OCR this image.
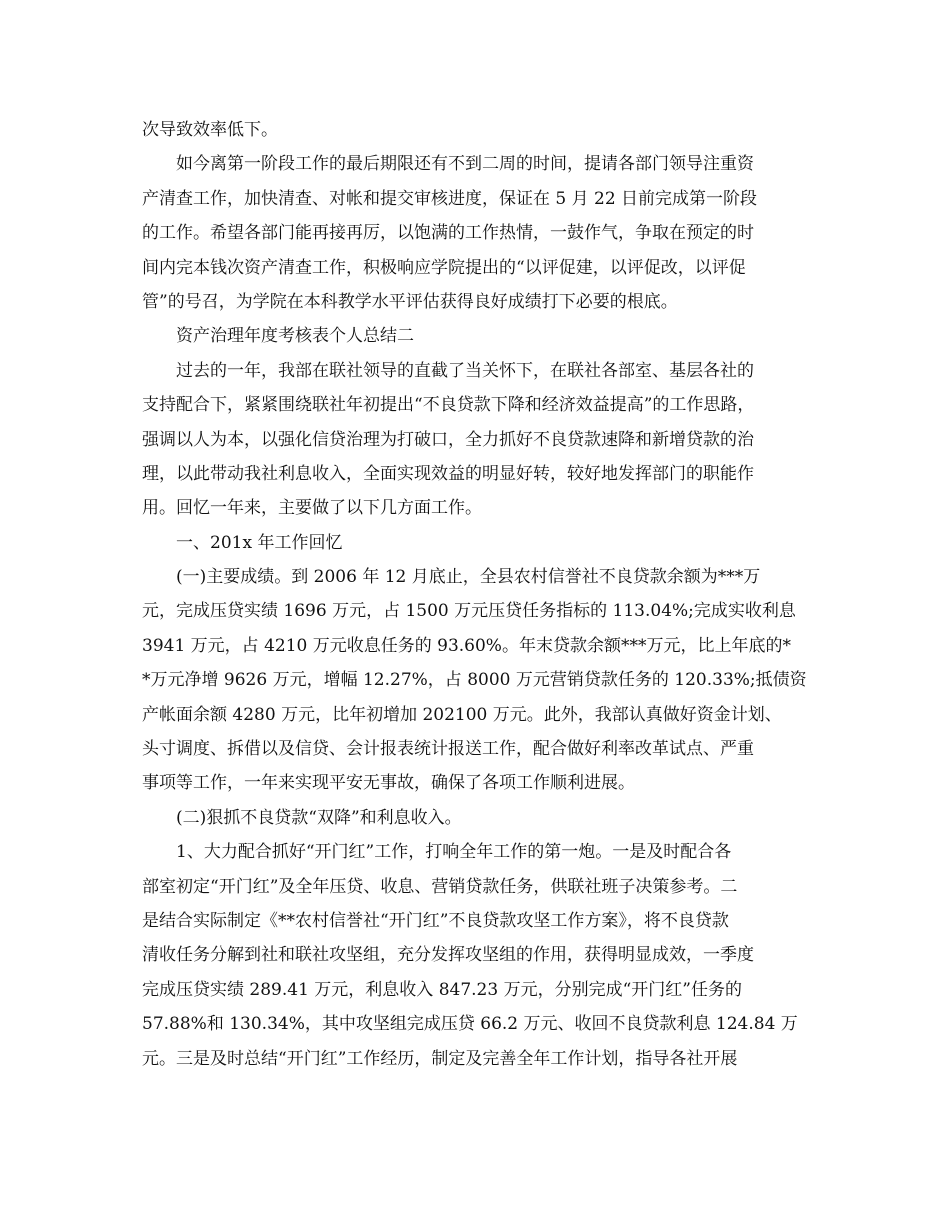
次导致效率低下。
如今离第一阶段工作的最后期限还有不到二周的时间，提请各部门领导注重资
产清查工作，加快清查、对帐和提交审核进度，保证在 5 月 22 日前完成第一阶段
的工作。希望各部门能再接再厉，以饱满的工作热情，一鼓作气，争取在预定的时
间内完本钱次资产清查工作，积极响应学院提出的“以评促建，以评促改，以评促
管”的号召，为学院在本科教学水平评估获得良好成绩打下必要的根底。
资产治理年度考核表个人总结二
过去的一年，我部在联社领导的直截了当关怀下，在联社各部室、基层各社的
支持配合下，紧紧围绕联社年初提出“不良贷款下降和经济效益提高”的工作思路，
强调以人为本，以强化信贷治理为打破口，全力抓好不良贷款速降和新增贷款的治
理，以此带动我社利息收入，全面实现效益的明显好转，较好地发挥部门的职能作
用。回忆一年来，主要做了以下几方面工作。
一、201x 年工作回忆
(一)主要成绩。到 2006 年 12 月底止，全县农村信誉社不良贷款余额为***万
元，完成压贷实绩 1696 万元，占 1500 万元压贷任务指标的 113.04%;完成实收利息
3941 万元，占 4210 万元收息任务的 93.60%。年末贷款余额***万元，比上年底的*
*万元净增 9626 万元，增幅 12.27%，占 8000 万元营销贷款任务的 120.33%;抵债资
产帐面余额 4280 万元，比年初增加 202100 万元。此外，我部认真做好资金计划、
头寸调度、拆借以及信贷、会计报表统计报送工作，配合做好利率改革试点、严重
事项等工作，一年来实现平安无事故，确保了各项工作顺利进展。
(二)狠抓不良贷款“双降”和利息收入。
1、大力配合抓好“开门红”工作，打响全年工作的第一炮。一是及时配合各
部室初定“开门红”及全年压贷、收息、营销贷款任务，供联社班子决策参考。二
是结合实际制定《**农村信誉社“开门红”不良贷款攻坚工作方案》，将不良贷款
清收任务分解到社和联社攻坚组，充分发挥攻坚组的作用，获得明显成效，一季度
完成压贷实绩 289.41 万元，利息收入 847.23 万元，分别完成“开门红”任务的
57.88%和 130.34%，其中攻坚组完成压贷 66.2 万元、收回不良贷款利息 124.84 万
元。三是及时总结“开门红”工作经历，制定及完善全年工作计划，指导各社开展
